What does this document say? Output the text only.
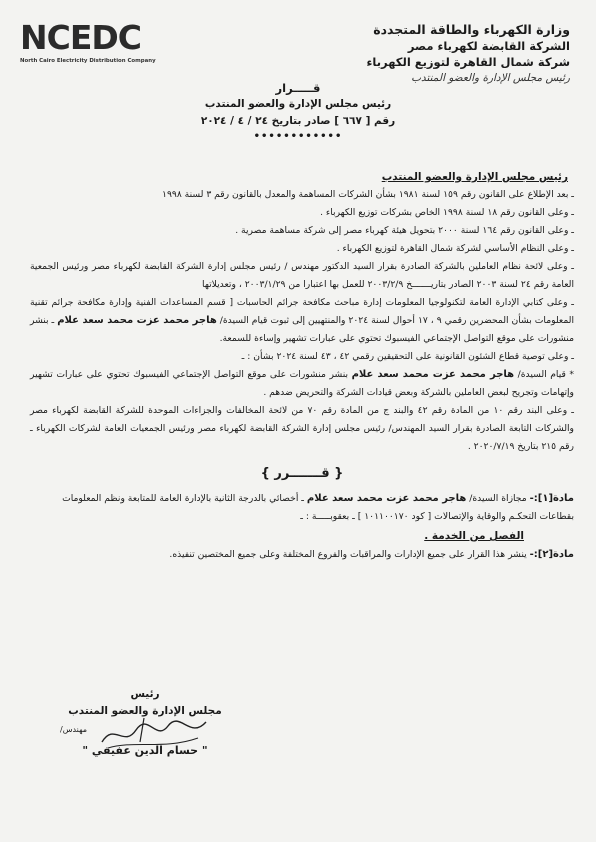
NCEDC
North Cairo Electricity Distribution Company
وزارة الكهرباء والطاقة المتجددة
الشركة القابضة لكهرباء مصر
شركة شمال القاهرة لتوزيع الكهرباء
رئيس مجلس الإدارة والعضو المنتدب
قـــــرار
رئيس مجلس الإدارة والعضو المنتدب
رقم [ ٦٦٧ ] صادر بتاريخ ٢٤ / ٤ / ٢٠٢٤
••••••••••••
رئيس مجلس الإدارة والعضو المنتدب

ـ بعد الإطلاع على القانون رقم ١٥٩ لسنة ١٩٨١ بشأن الشركات المساهمة والمعدل بالقانون رقم ٣ لسنة ١٩٩٨

ـ وعلى القانون رقم ١٨ لسنة ١٩٩٨ الخاص بشركات توزيع الكهرباء .

ـ وعلى القانون رقم ١٦٤ لسنة ٢٠٠٠ بتحويل هيئة كهرباء مصر إلى شركة مساهمة مصرية .

ـ وعلى النظام الأساسي لشركة شمال القاهرة لتوزيع الكهرباء .

ـ وعلى لائحة نظام العاملين بالشركة الصادرة بقرار السيد الدكتور مهندس / رئيس مجلس إدارة الشركة القابضة لكهرباء مصر ورئيس الجمعية العامة رقم ٢٤ لسنة ٢٠٠٣ الصادر بتاريـــــــخ ٢٠٠٣/٢/٩ للعمل بها اعتبارا من ٢٠٠٣/١/٢٩ ، وتعديلاتها

ـ وعلى كتابي الإدارة العامة لتكنولوجيا المعلومات إدارة مباحث مكافحة جرائم الحاسبات [ قسم المساعدات الفنية وإدارة مكافحة جرائم تقنية المعلومات بشأن المحضرين رقمي ٩ ، ١٧ أحوال لسنة ٢٠٢٤ والمنتهيين إلى ثبوت قيام السيدة/ هاجر محمد عزت محمد سعد علام ـ بنشر منشورات على موقع التواصل الإجتماعي الفيسبوك تحتوي على عبارات تشهير وإساءة للسمعة.

ـ وعلى توصية قطاع الشئون القانونية على التحقيقين رقمي ٤٢ ، ٤٣ لسنة ٢٠٢٤ بشأن : ـ

* قيام السيدة/ هاجر محمد عزت محمد سعد علام بنشر منشورات على موقع التواصل الإجتماعي الفيسبوك تحتوي على عبارات تشهير وإتهامات وتجريح لبعض العاملين بالشركة وبعض قيادات الشركة والتحريض ضدهم .

ـ وعلى البند رقم ١٠ من المادة رقم ٤٢ والبند ج من المادة رقم ٧٠ من لائحة المخالفات والجزاءات الموحدة للشركة القابضة لكهرباء مصر والشركات التابعة الصادرة بقرار السيد المهندس/ رئيس مجلس إدارة الشركة القابضة لكهرباء مصر ورئيس الجمعيات العامة لشركات الكهرباء ـ رقم ٢١٥ بتاريخ ٢٠٢٠/٧/١٩ .

{ قـــــــرر }

مادة[١]:- مجازاة السيدة/ هاجر محمد عزت محمد سعد علام ـ أخصائي بالدرجة الثانية بالإدارة العامة للمتابعة ونظم المعلومات بقطاعات التحكـم والوقاية والإتصالات [ كود ١٠١١٠٠١٧٠ ] ـ بعقوبـــــة : ـ

الفصل من الخدمة .

مادة[٢]:- ينشر هذا القرار على جميع الإدارات والمراقبات والفروع المختلفة وعلى جميع المختصين تنفيذه.

رئيس
مجلس الإدارة والعضو المنتدب
مهندس/
" حسام الدين عفيفي "
